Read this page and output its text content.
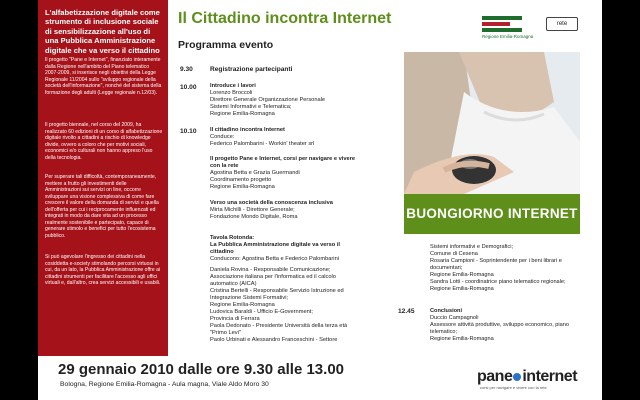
L'alfabetizzazione digitale come strumento di inclusione sociale di sensibilizzazione all'uso di una Pubblica Amministrazione digitale che va verso il cittadino
Il progetto "Pane e Internet", finanziato interamente dalla Regione nell'ambito del Piano telematico 2007-2009, si inserisce negli obiettivi della Legge Regionale 11/2004 sullo "sviluppo regionale della società dell'informazione", nonché del sistema della formazione degli adulti (Legge regionale n.12/03).
Il progetto biennale, nel corso del 2009, ha realizzato 60 edizioni di un corso di alfabetizzazione digitale rivolto a cittadini a rischio di knowledge divide, ovvero a coloro che per motivi sociali, economici e/o culturali non hanno appreso l'uso della tecnologia.
Per superare tali difficoltà, contemporaneamente, mettere a frutto gli investimenti delle Amministrazioni sui servizi on line, occorre sviluppare una visione complessiva di come fare crescere il valore della domanda di servizi e quella dell'offerta per cui i reciprocamente influenzati ed integrati in modo da dare vita ad un processo realmente sostenibile e partecipato, capace di generare stimolo e benefici per tutto l'ecosistema pubblico.
Si può agevolare l'ingresso dei cittadini nella cosiddetta e-society stimolando percorsi virtuosi in cui, da un lato, la Pubblica Amministrazione offre ai cittadini strumenti per facilitare l'accesso agli uffici virtuali e, dall'altro, crea servizi accessibili e usabili.
Il Cittadino incontra Internet
Programma evento
Regione Emilia-Romagna
rete
BUONGIORNO INTERNET
9.30	Registrazione partecipanti
10.00 Introduce i lavori
Lorenzo Broccoli
Direttore Generale Organizzazione Personale
Sistemi Informativi e Telematica;
Regione Emilia-Romagna
10.10 Il cittadino incontra Internet
Conduce:
Federico Palombarini - Workin' theater srl
Il progetto Pane e Internet, corsi per navigare e vivere con la rete
Agostina Betta e Grazia Guermandi
Coordinamento progetto
Regione Emilia-Romagna
Verso una società della conoscenza inclusiva
Mirta Michilli - Direttore Generale;
Fondazione Mondo Digitale, Roma
Tavola Rotonda:
La Pubblica Amministrazione digitale va verso il cittadino
Conducono: Agostina Betta e Federico Palombarini
Daniela Rovina - Responsabile Comunicazione;
Associazione italiana per l'informatica ed il calcolo automatico (AICA)
Cristina Bertelli - Responsabile Servizio Istruzione ed Integrazione Sistemi Formativi;
Regione Emilia-Romagna
Ludovica Baraldi - Ufficio E-Government;
Provincia di Ferrara
Paola Dedonato - Presidente Università della terza età "Primo Levi"
Paolo Urbinati e Alessandro Franceschini - Settore
Sistemi informativi e Demografici;
Comune di Cesena
Rosaria Campioni - Soprintendente per i beni librari e documentari;
Regione Emilia-Romagna
Sandra Lotti - coordinatrice piano telematico regionale;
Regione Emilia-Romagna
12.45	Conclusioni
Duccio Campagnoli
Assessore attività produttive, sviluppo economico, piano telematico;
Regione Emilia-Romagna
29 gennaio 2010 dalle ore 9.30 alle 13.00
Bologna, Regione Emilia-Romagna - Aula magna, Viale Aldo Moro 30	pane internet
corsi per navigare e vivere con la rete
